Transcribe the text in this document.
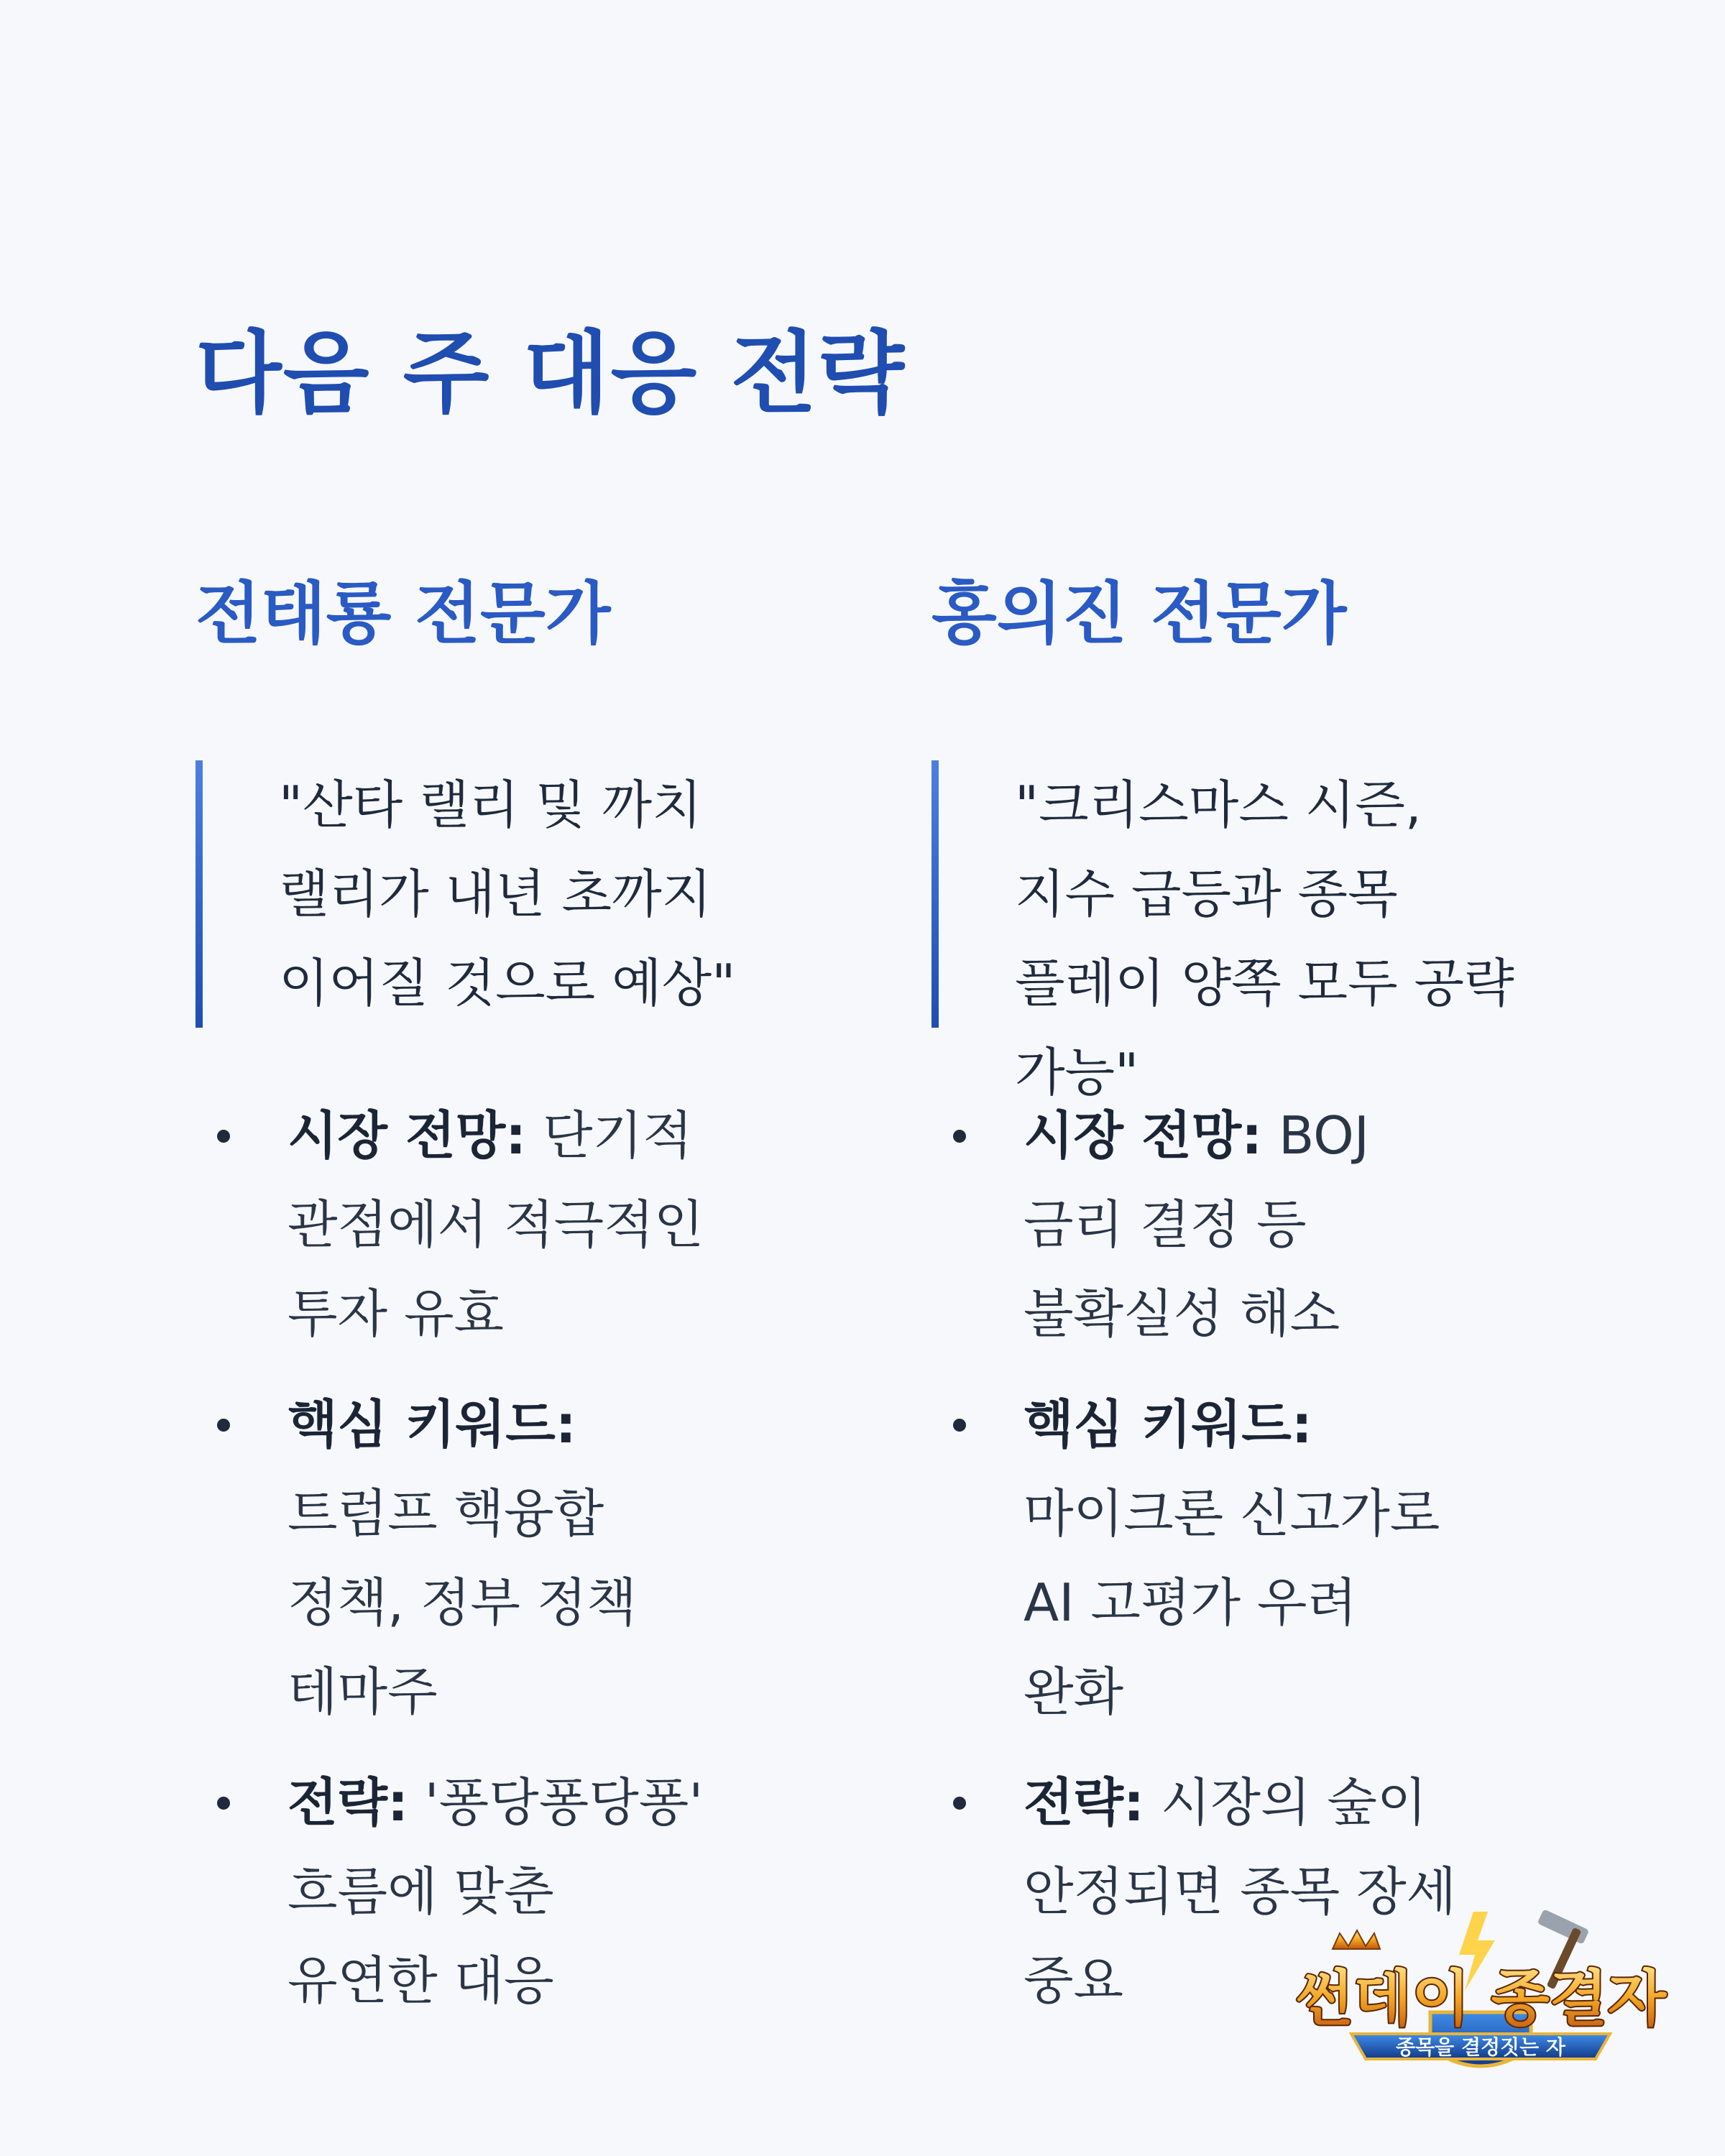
다음 주 대응 전략
전태룡 전문가
"산타 랠리 및 까치 랠리가 내년 초까지 이어질 것으로 예상"
시장 전망: 단기적 관점에서 적극적인 투자 유효
핵심 키워드: 트럼프 핵융합 정책, 정부 정책 테마주
전략: '퐁당퐁당퐁' 흐름에 맞춘 유연한 대응
홍의진 전문가
"크리스마스 시즌, 지수 급등과 종목 플레이 양쪽 모두 공략 가능"
시장 전망: BOJ 금리 결정 등 불확실성 해소
핵심 키워드: 마이크론 신고가로 AI 고평가 우려 완화
전략: 시장의 숲이 안정되면 종목 장세 중요	썬데이 종결자
종목을 결정짓는 자
